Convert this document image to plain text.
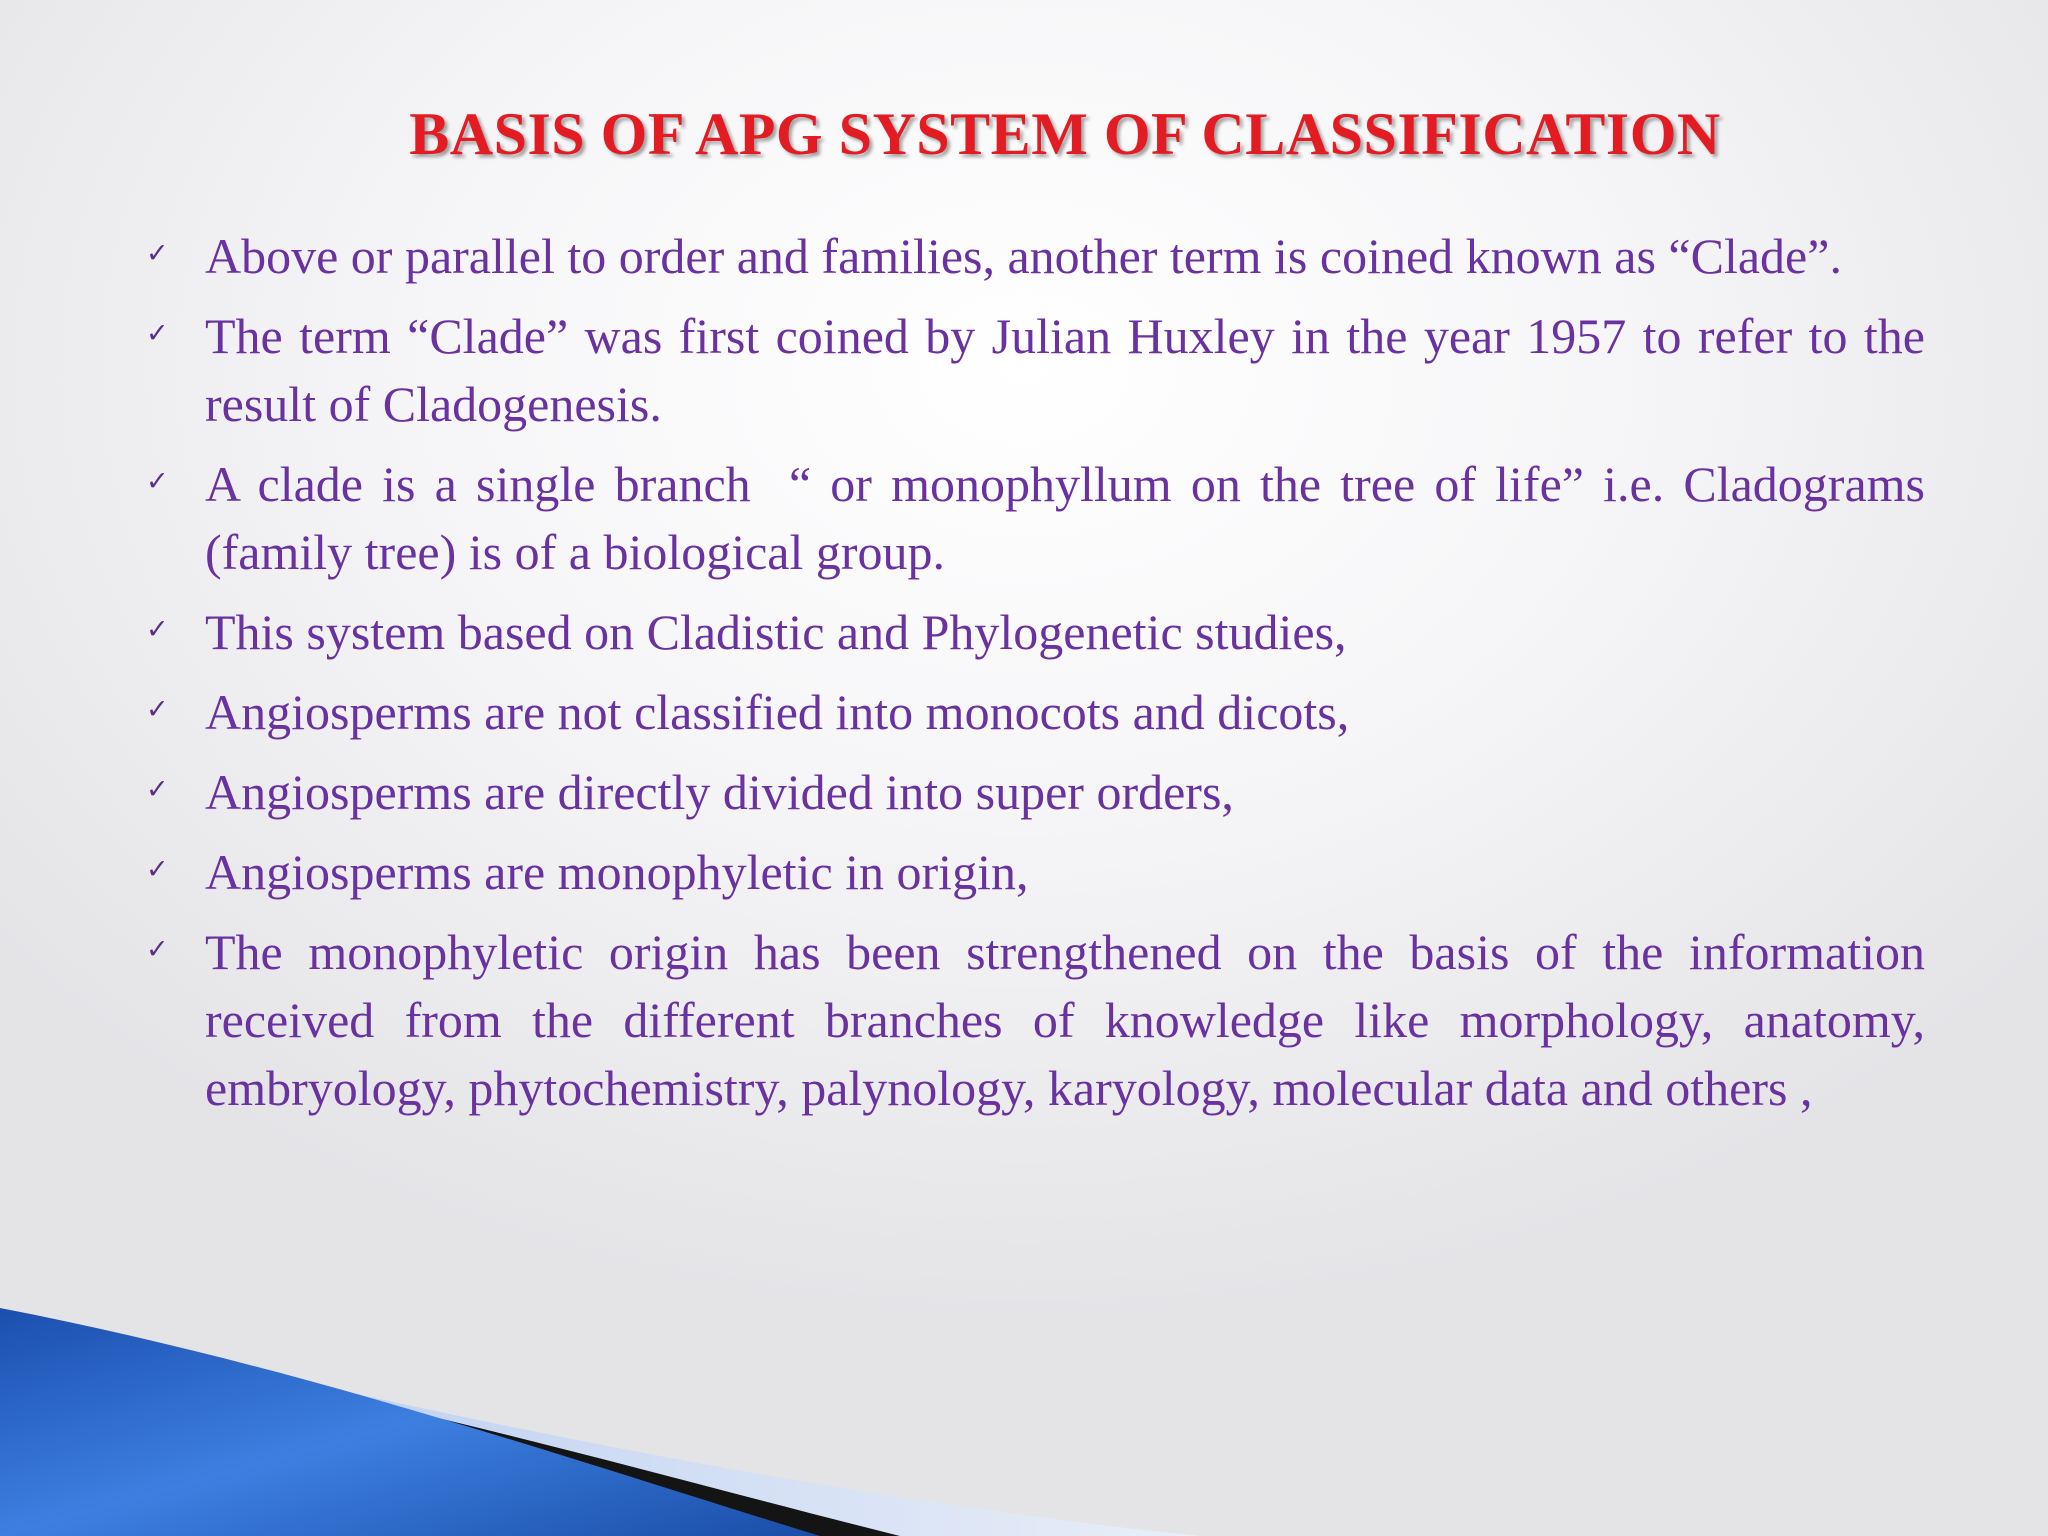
BASIS OF APG SYSTEM OF CLASSIFICATION
✓ Above or parallel to order and families, another term is coined known as “Clade”.
✓ The term “Clade” was first coined by Julian Huxley in the year 1957 to refer to the result of Cladogenesis.
✓ A clade is a single branch  “ or monophyllum on the tree of life” i.e. Cladograms  (family tree) is of a biological group.
✓ This system based on Cladistic and Phylogenetic studies,
✓ Angiosperms are not classified into monocots and dicots,
✓ Angiosperms are directly divided into super orders,
✓ Angiosperms are monophyletic in origin,
✓ The monophyletic origin has been strengthened on the basis of the information received from the different branches of knowledge like morphology, anatomy, embryology, phytochemistry, palynology, karyology, molecular data and others ,
